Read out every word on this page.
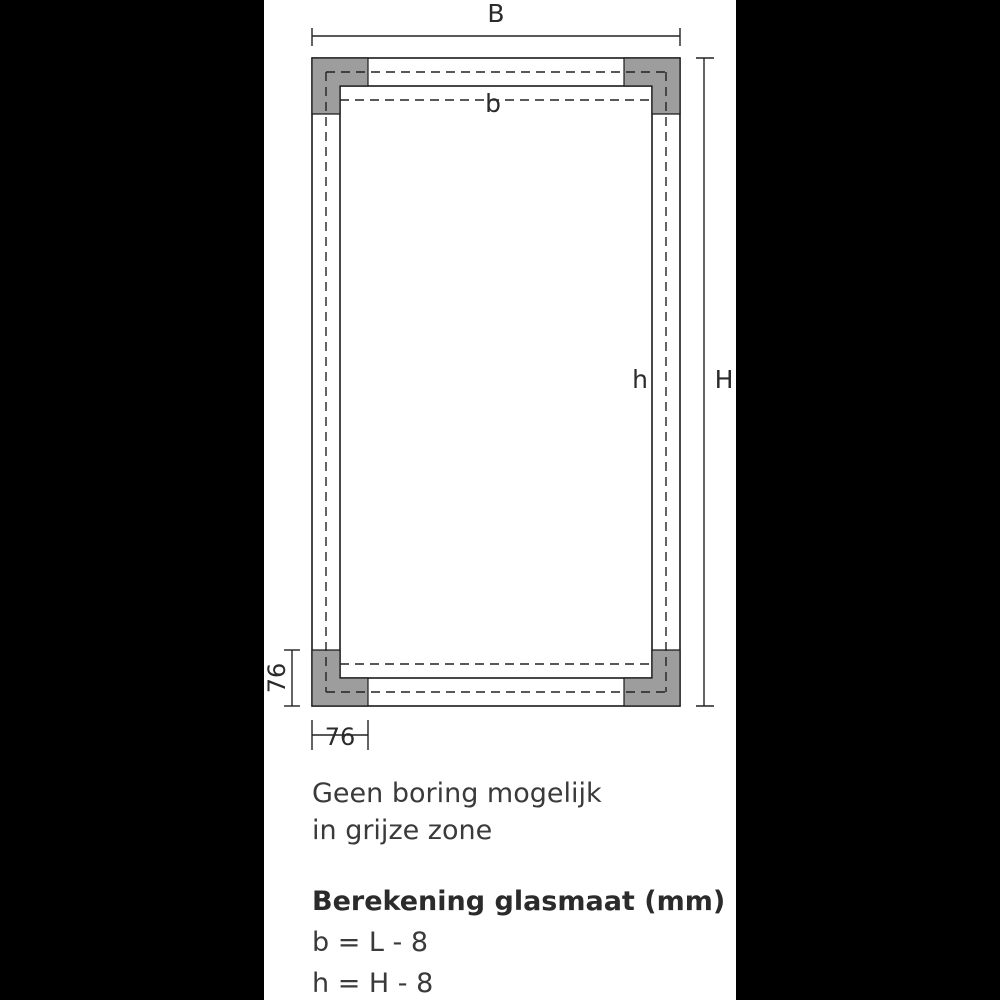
B
H
b
h
76
76
Geen boring mogelijk
in grijze zone
Berekening glasmaat (mm)
b = L - 8
h = H - 8
